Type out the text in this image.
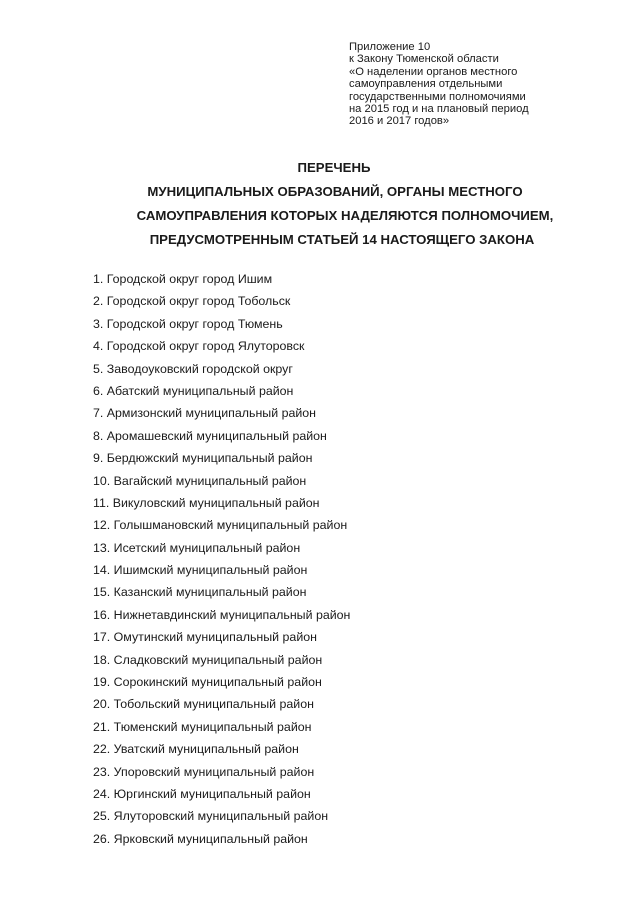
Приложение 10
к Закону Тюменской области
«О наделении органов местного
самоуправления отдельными
государственными полномочиями
на 2015 год и на плановый период
2016 и 2017 годов»
ПЕРЕЧЕНЬ
МУНИЦИПАЛЬНЫХ ОБРАЗОВАНИЙ, ОРГАНЫ МЕСТНОГО
САМОУПРАВЛЕНИЯ КОТОРЫХ НАДЕЛЯЮТСЯ ПОЛНОМОЧИЕМ,
ПРЕДУСМОТРЕННЫМ СТАТЬЕЙ 14 НАСТОЯЩЕГО ЗАКОНА
1. Городской округ город Ишим
2. Городской округ город Тобольск
3. Городской округ город Тюмень
4. Городской округ город Ялуторовск
5. Заводоуковский городской округ
6. Абатский муниципальный район
7. Армизонский муниципальный район
8. Аромашевский муниципальный район
9. Бердюжский муниципальный район
10. Вагайский муниципальный район
11. Викуловский муниципальный район
12. Голышмановский муниципальный район
13. Исетский муниципальный район
14. Ишимский муниципальный район
15. Казанский муниципальный район
16. Нижнетавдинский муниципальный район
17. Омутинский муниципальный район
18. Сладковский муниципальный район
19. Сорокинский муниципальный район
20. Тобольский муниципальный район
21. Тюменский муниципальный район
22. Уватский муниципальный район
23. Упоровский муниципальный район
24. Юргинский муниципальный район
25. Ялуторовский муниципальный район
26. Ярковский муниципальный район
